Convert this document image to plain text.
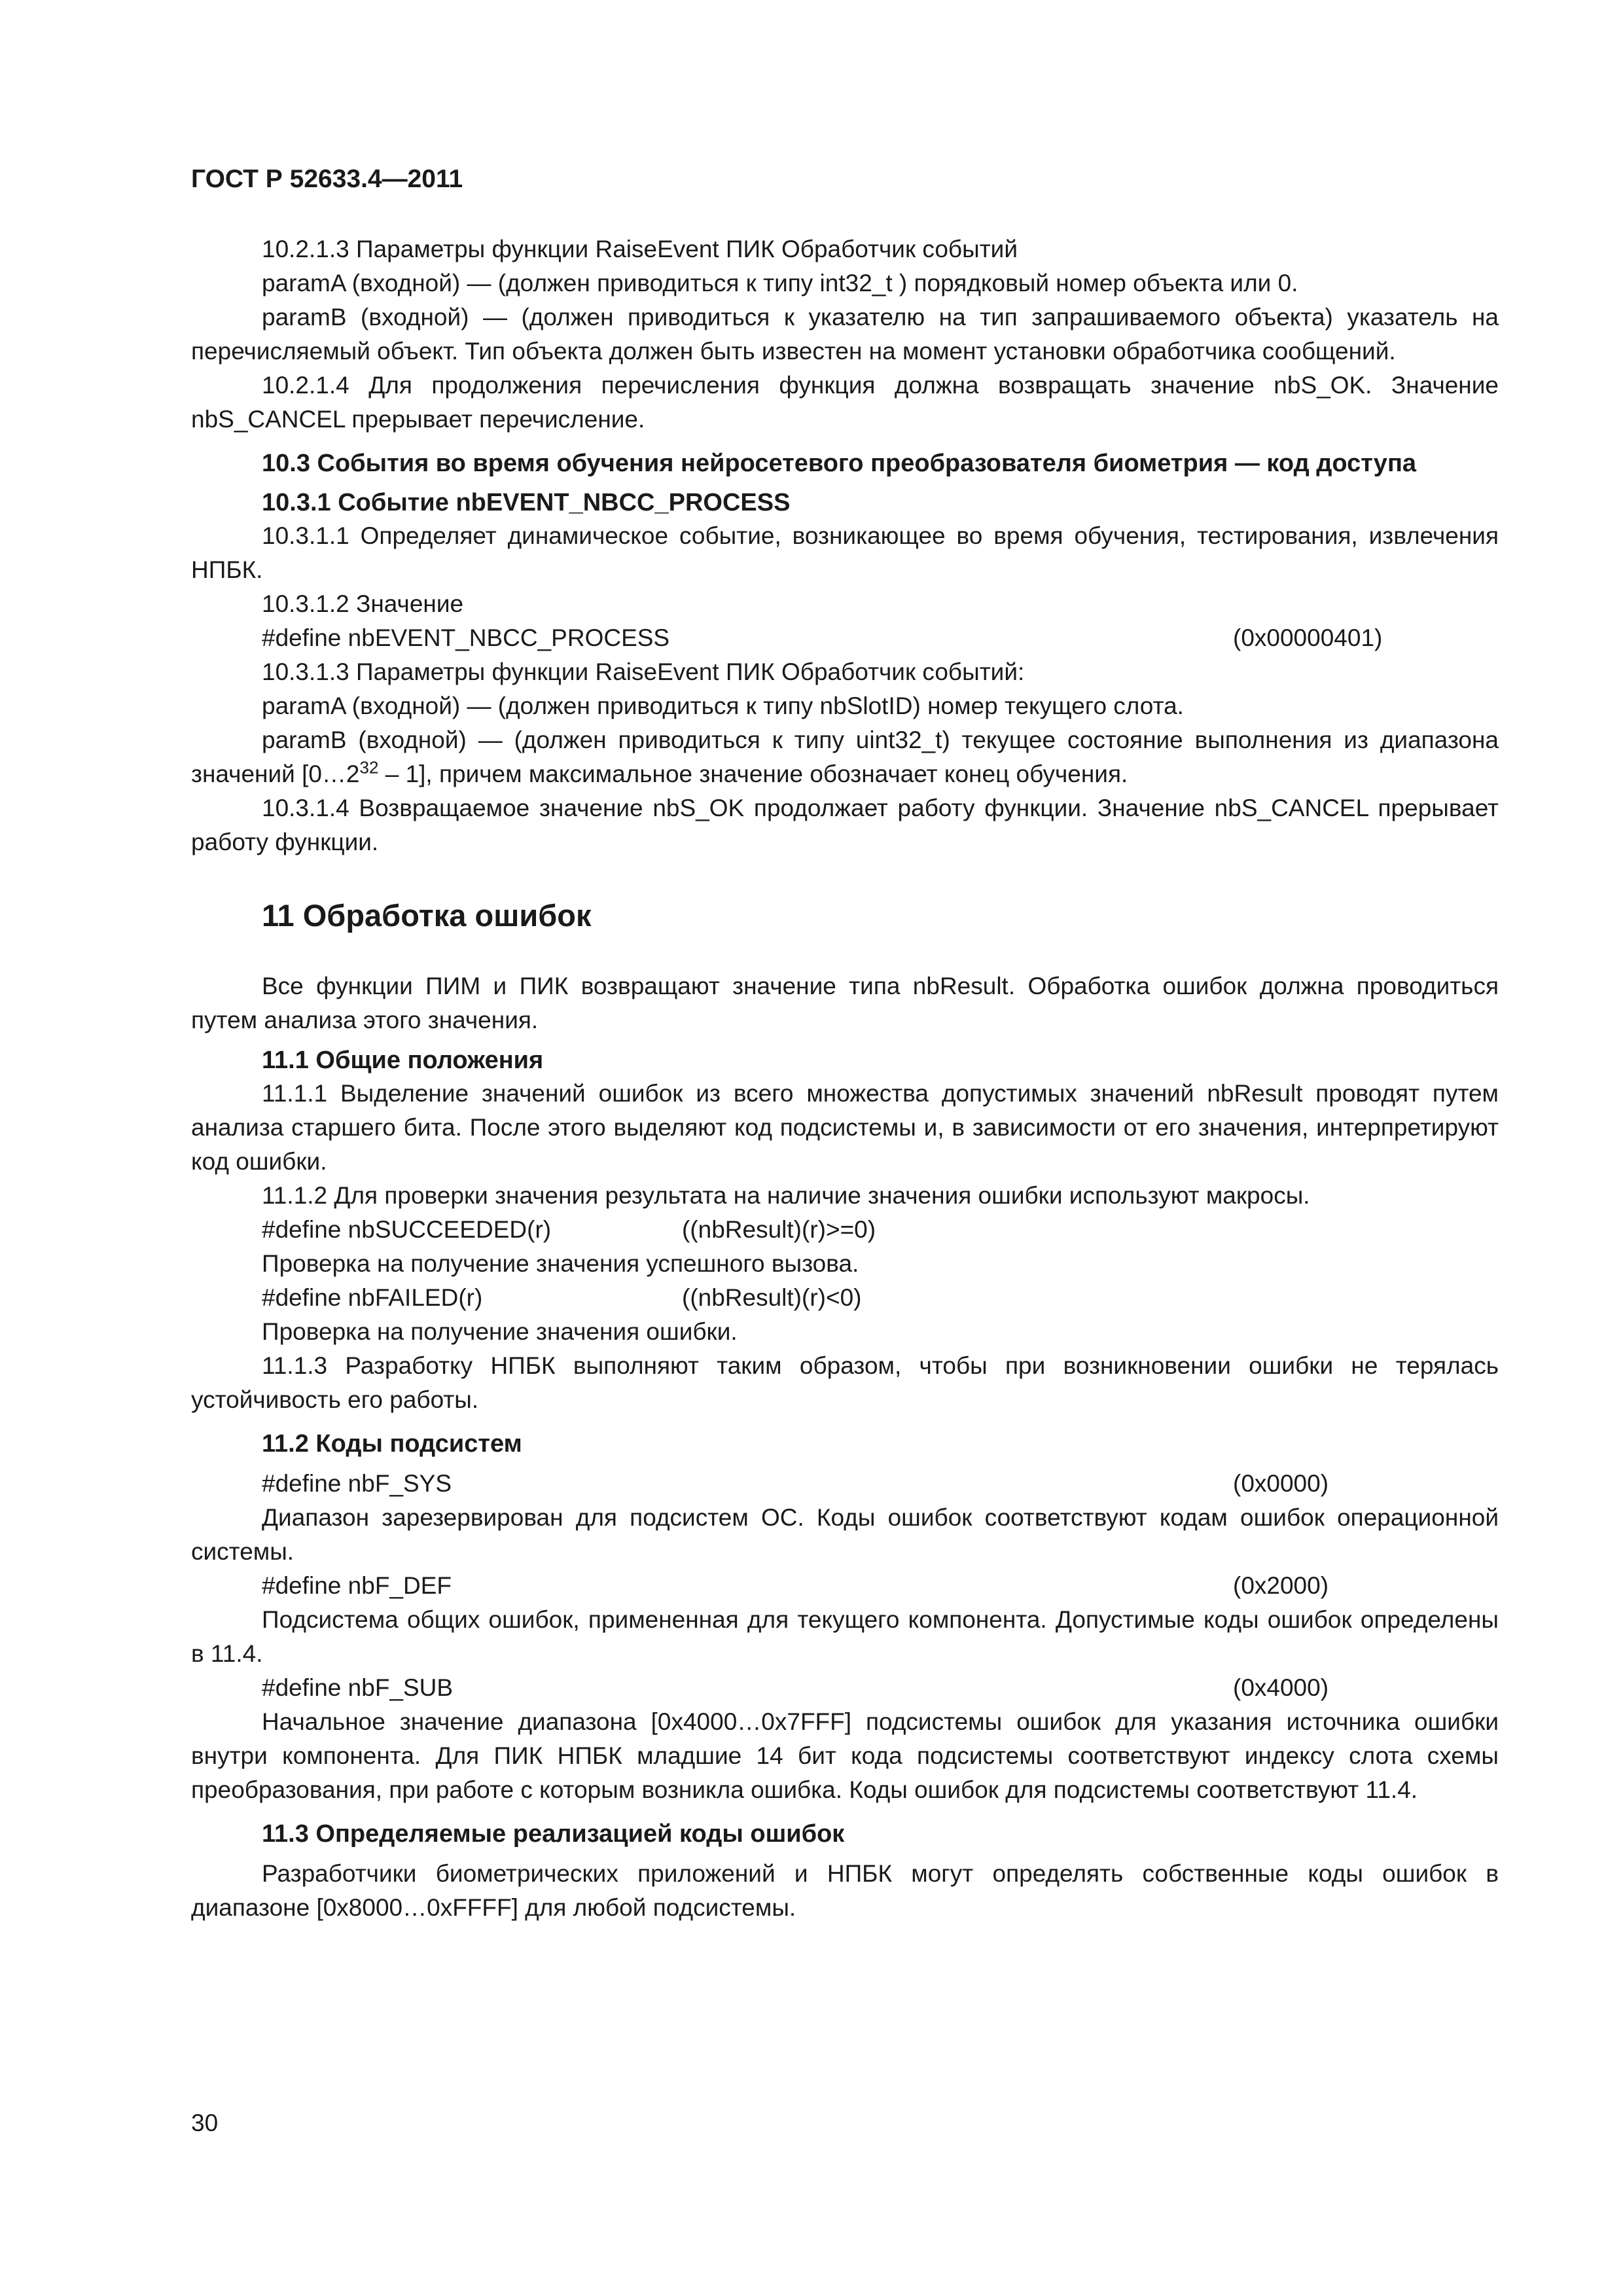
ГОСТ Р 52633.4—2011

10.2.1.3 Параметры функции RaiseEvent ПИК Обработчик событий

paramA (входной) — (должен приводиться к типу int32_t ) порядковый номер объекта или 0.

paramB (входной) — (должен приводиться к указателю на тип запрашиваемого объекта) указатель на перечисляемый объект. Тип объекта должен быть известен на момент установки обработчика сообщений.

10.2.1.4 Для продолжения перечисления функция должна возвращать значение nbS_OK. Значение nbS_CANCEL прерывает перечисление.

10.3 События во время обучения нейросетевого преобразователя биометрия — код доступа

10.3.1 Событие nbEVENT_NBCC_PROCESS

10.3.1.1 Определяет динамическое событие, возникающее во время обучения, тестирования, извлечения НПБК.

10.3.1.2 Значение

#define nbEVENT_NBCC_PROCESS	(0x00000401)

10.3.1.3 Параметры функции RaiseEvent ПИК Обработчик событий:

paramA (входной) — (должен приводиться к типу nbSlotID) номер текущего слота.

paramB (входной) — (должен приводиться к типу uint32_t) текущее состояние выполнения из диапазона значений $[0\dots 2^{32} - 1]$, причем максимальное значение обозначает конец обучения.

10.3.1.4 Возвращаемое значение nbS_OK продолжает работу функции. Значение nbS_CANCEL прерывает работу функции.

11 Обработка ошибок

Все функции ПИМ и ПИК возвращают значение типа nbResult. Обработка ошибок должна проводиться путем анализа этого значения.

11.1 Общие положения

11.1.1 Выделение значений ошибок из всего множества допустимых значений nbResult проводят путем анализа старшего бита. После этого выделяют код подсистемы и, в зависимости от его значения, интерпретируют код ошибки.

11.1.2 Для проверки значения результата на наличие значения ошибки используют макросы.

#define nbSUCCEEDED(r)	((nbResult)(r)>=0)

Проверка на получение значения успешного вызова.

#define nbFAILED(r)	((nbResult)(r)<0)

Проверка на получение значения ошибки.

11.1.3 Разработку НПБК выполняют таким образом, чтобы при возникновении ошибки не терялась устойчивость его работы.

11.2 Коды подсистем

#define nbF_SYS	(0x0000)

Диапазон зарезервирован для подсистем ОС. Коды ошибок соответствуют кодам ошибок операционной системы.

#define nbF_DEF	(0x2000)

Подсистема общих ошибок, примененная для текущего компонента. Допустимые коды ошибок определены в 11.4.

#define nbF_SUB	(0x4000)

Начальное значение диапазона [0x4000…0x7FFF] подсистемы ошибок для указания источника ошибки внутри компонента. Для ПИК НПБК младшие 14 бит кода подсистемы соответствуют индексу слота схемы преобразования, при работе с которым возникла ошибка. Коды ошибок для подсистемы соответствуют 11.4.

11.3 Определяемые реализацией коды ошибок

Разработчики биометрических приложений и НПБК могут определять собственные коды ошибок в диапазоне [0x8000…0xFFFF] для любой подсистемы.

30
